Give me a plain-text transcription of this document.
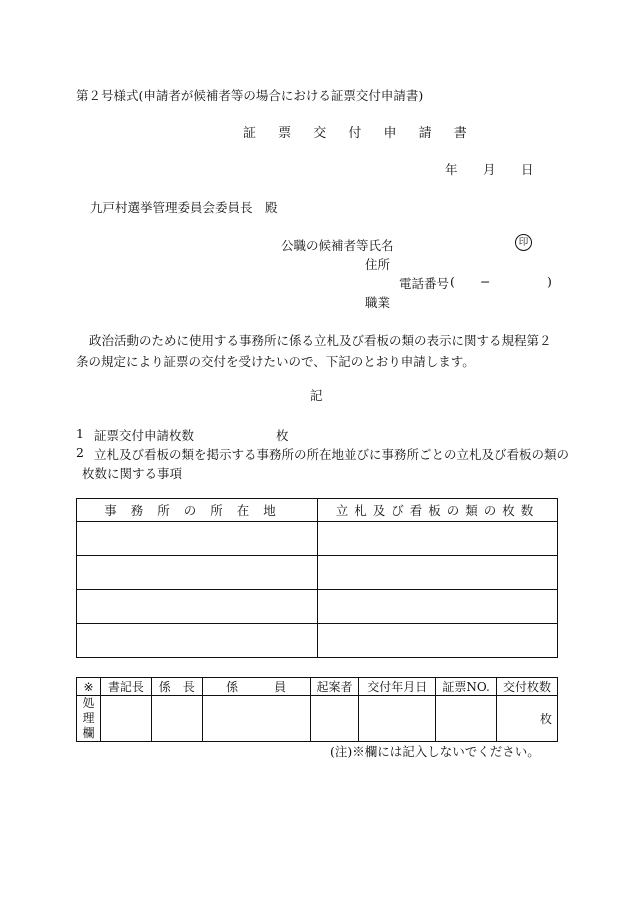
第２号様式(申請者が候補者等の場合における証票交付申請書)
証 票 交 付 申 請 書
年 月 日
九戸村選挙管理委員会委員長　殿
公職の候補者等氏名	印
住所
電話番号 ( −	)
職業
政治活動のために使用する事務所に係る立札及び看板の類の表示に関する規程第２条の規定により証票の交付を受けたいので、下記のとおり申請します。
記
1 証票交付申請枚数	枚
2 立札及び看板の類を掲示する事務所の所在地並びに事務所ごとの立札及び看板の類の
枚数に関する事項
事務所の所在地	立札及び看板の類の枚数

※	書記長	係　長	係　　　員	起案者	交付年月日	証票NO.	交付枚数
処
理
欄							枚
(注)※欄には記入しないでください。
